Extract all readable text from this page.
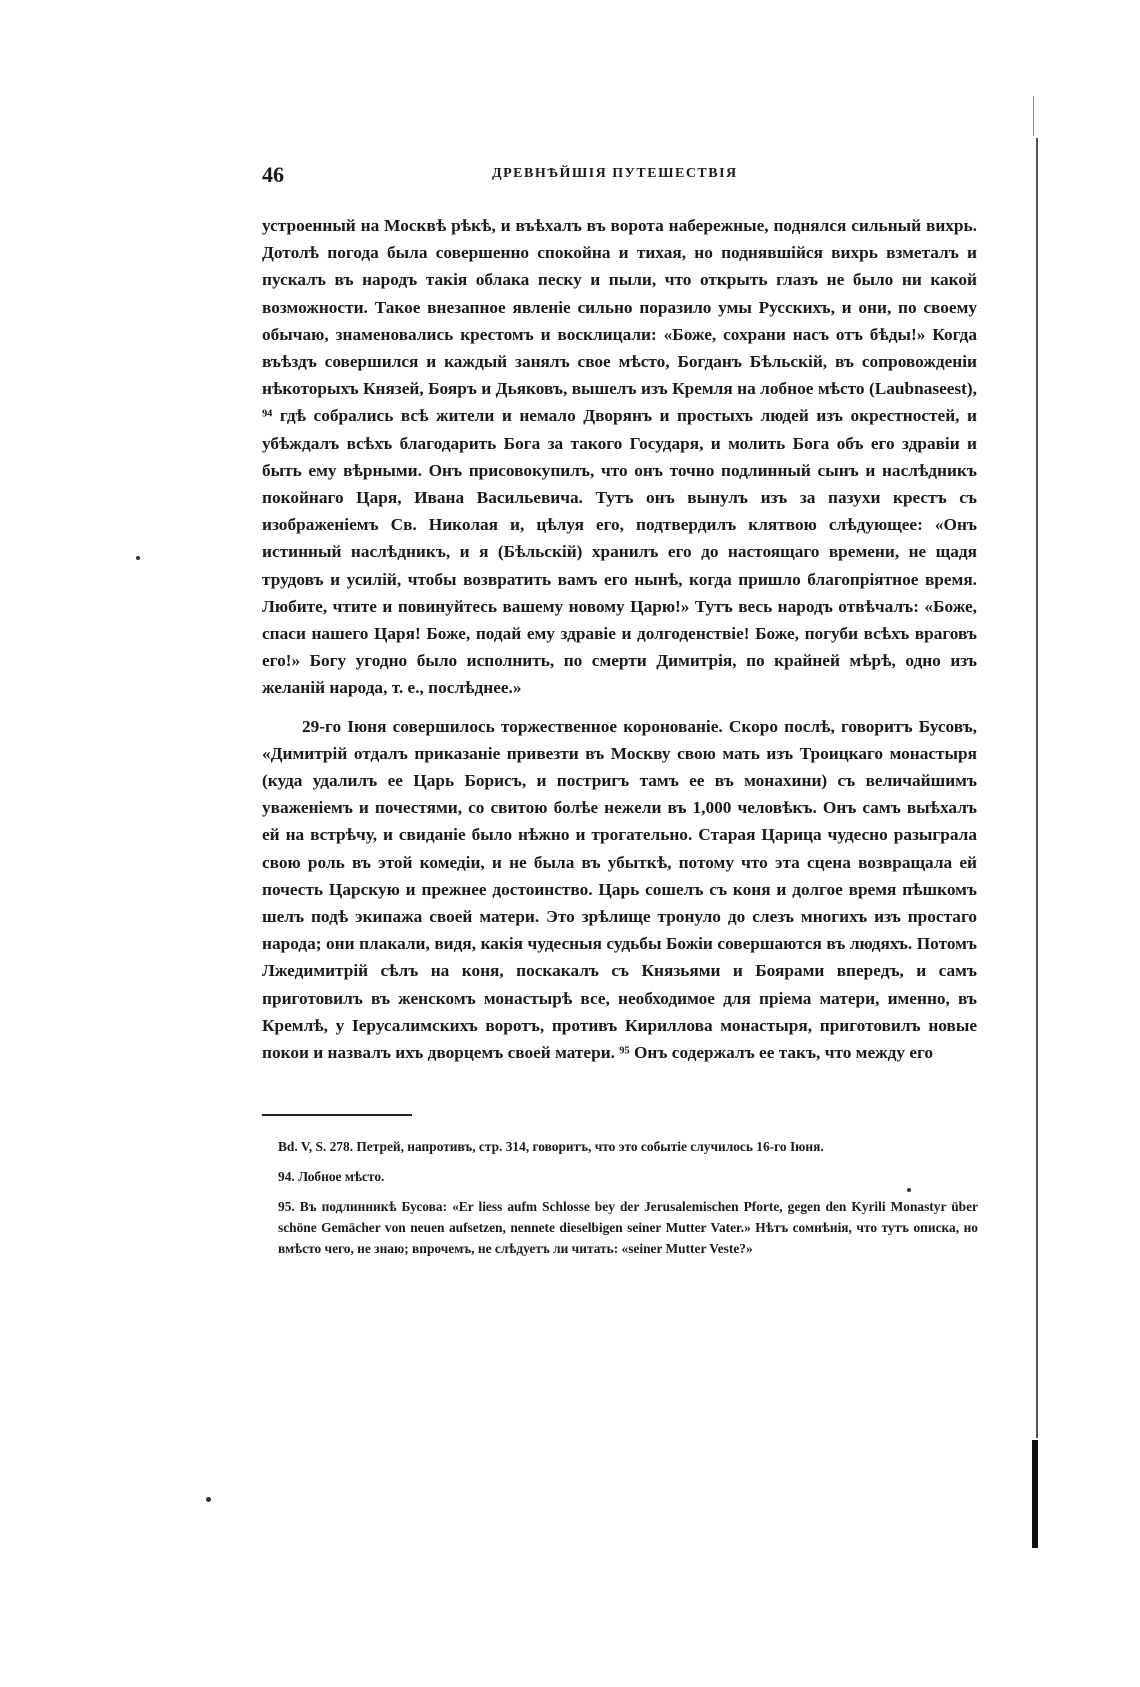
46	ДРЕВНѢЙШІЯ ПУТЕШЕСТВІЯ

устроенный на Москвѣ рѣкѣ, и въѣхалъ въ ворота набережные, поднялся сильный вихрь. Дотолѣ погода была совершенно спокойна и тихая, но поднявшійся вихрь взметалъ и пускалъ въ народъ такія облака песку и пыли, что открыть глазъ не было ни какой возможности. Такое внезапное явленіе сильно поразило умы Русскихъ, и они, по своему обычаю, знаменовались крестомъ и восклицали: «Боже, сохрани насъ отъ бѣды!» Когда въѣздъ совершился и каждый занялъ свое мѣсто, Богданъ Бѣльскій, въ сопровожденіи нѣкоторыхъ Князей, Бояръ и Дьяковъ, вышелъ изъ Кремля на лобное мѣсто (Laubnaseest), ⁹⁴ гдѣ собрались всѣ жители и немало Дворянъ и простыхъ людей изъ окрестностей, и убѣждалъ всѣхъ благодарить Бога за такого Государя, и молить Бога объ его здравіи и быть ему вѣрными. Онъ присовокупилъ, что онъ точно подлинный сынъ и наслѣдникъ покойнаго Царя, Ивана Васильевича. Тутъ онъ вынулъ изъ за пазухи крестъ съ изображеніемъ Св. Николая и, цѣлуя его, подтвердилъ клятвою слѣдующее: «Онъ истинный наслѣдникъ, и я (Бѣльскій) хранилъ его до настоящаго времени, не щадя трудовъ и усилій, чтобы возвратить вамъ его нынѣ, когда пришло благопріятное время. Любите, чтите и повинуйтесь вашему новому Царю!» Тутъ весь народъ отвѣчалъ: «Боже, спаси нашего Царя! Боже, подай ему здравіе и долгоденствіе! Боже, погуби всѣхъ враговъ его!» Богу угодно было исполнить, по смерти Димитрія, по крайней мѣрѣ, одно изъ желаній народа, т. е., послѣднее.»

29-го Іюня совершилось торжественное коронованіе. Скоро послѣ, говоритъ Бусовъ, «Димитрій отдалъ приказаніе привезти въ Москву свою мать изъ Троицкаго монастыря (куда удалилъ ее Царь Борисъ, и постригъ тамъ ее въ монахини) съ величайшимъ уваженіемъ и почестями, со свитою болѣе нежели въ 1,000 человѣкъ. Онъ самъ выѣхалъ ей на встрѣчу, и свиданіе было нѣжно и трогательно. Старая Царица чудесно разыграла свою роль въ этой комедіи, и не была въ убыткѣ, потому что эта сцена возвращала ей почесть Царскую и прежнее достоинство. Царь сошелъ съ коня и долгое время пѣшкомъ шелъ подѣ экипажа своей матери. Это зрѣлище тронуло до слезъ многихъ изъ простаго народа; они плакали, видя, какія чудесныя судьбы Божіи совершаются въ людяхъ. Потомъ Лжедимитрій сѣлъ на коня, поскакалъ съ Князьями и Боярами впередъ, и самъ приготовилъ въ женскомъ монастырѣ все, необходимое для пріема матери, именно, въ Кремлѣ, у Іерусалимскихъ воротъ, противъ Кириллова монастыря, приготовилъ новые покои и назвалъ ихъ дворцемъ своей матери. ⁹⁵ Онъ содержалъ ее такъ, что между его

Bd. V, S. 278. Петрей, напротивъ, стр. 314, говоритъ, что это событіе случилось 16-го Іюня.

94. Лобное мѣсто.

95. Въ подлинникѣ Бусова: «Er liess aufm Schlosse bey der Jerusalemischen Pforte, gegen den Kyrili Monastyr über schöne Gemächer von neuen aufsetzen, nennete dieselbigen seiner Mutter Vater.» Нѣтъ сомнѣнія, что тутъ описка, но вмѣсто чего, не знаю; впрочемъ, не слѣдуетъ ли читать: «seiner Mutter Veste?»
